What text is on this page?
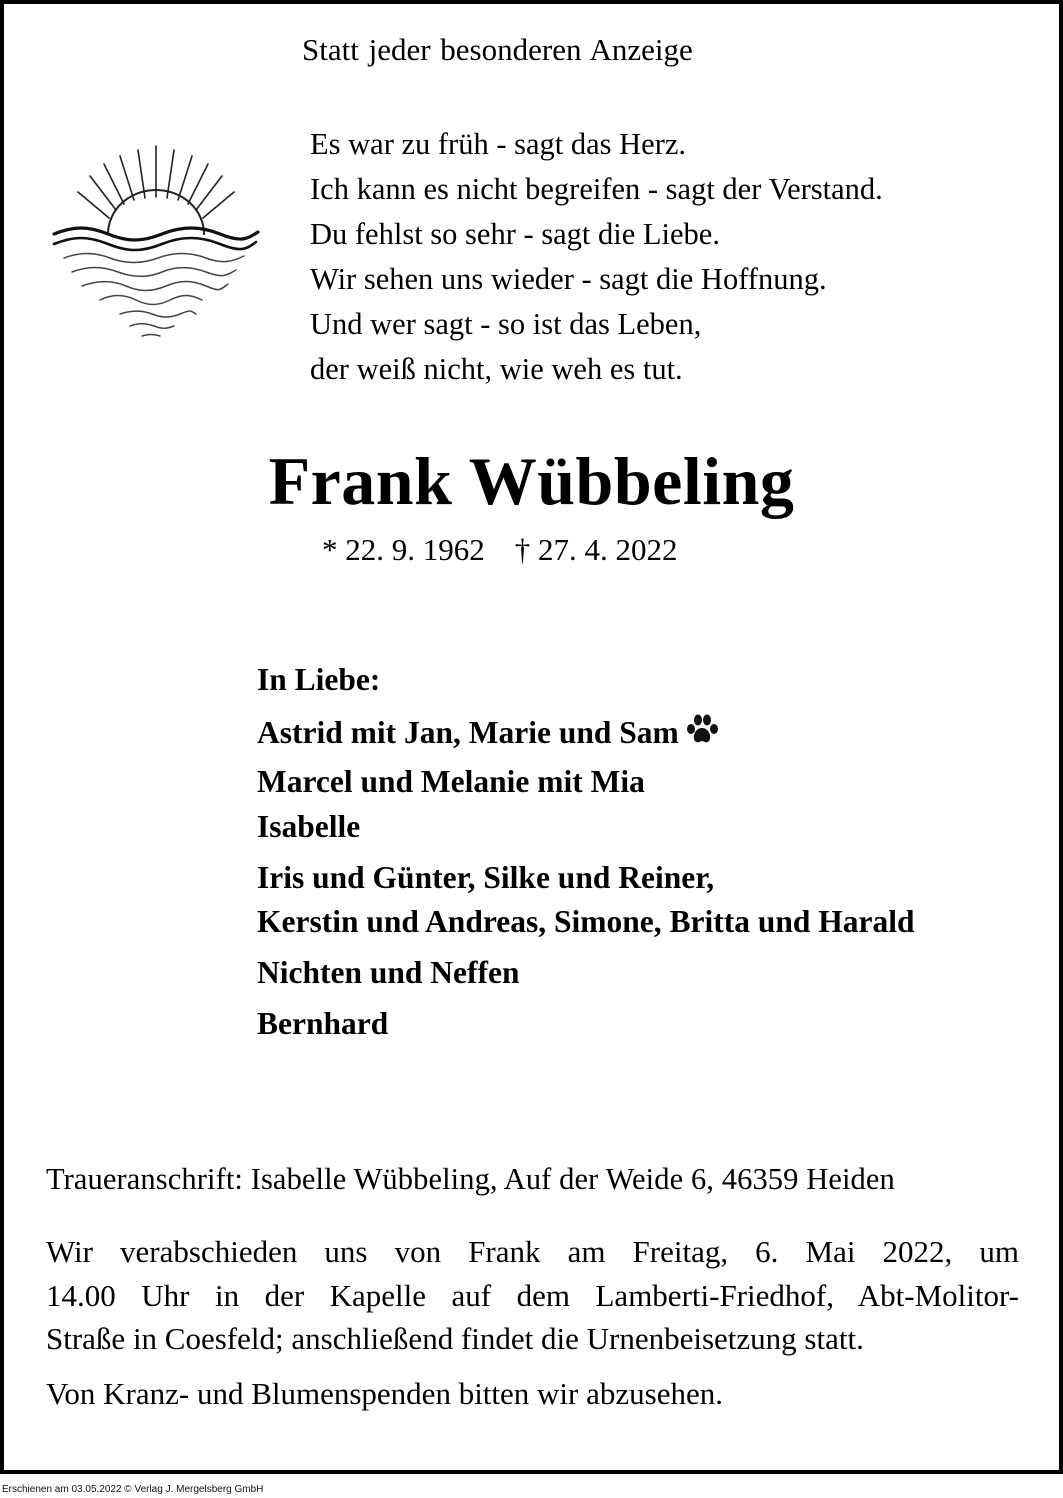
Statt jeder besonderen Anzeige
Es war zu früh - sagt das Herz.
Ich kann es nicht begreifen - sagt der Verstand.
Du fehlst so sehr - sagt die Liebe.
Wir sehen uns wieder - sagt die Hoffnung.
Und wer sagt - so ist das Leben,
der weiß nicht, wie weh es tut.
Frank Wübbeling
* 22. 9. 1962 † 27. 4. 2022
In Liebe:
Astrid mit Jan, Marie und Sam
Marcel und Melanie mit Mia
Isabelle
Iris und Günter, Silke und Reiner,
Kerstin und Andreas, Simone, Britta und Harald
Nichten und Neffen
Bernhard
Traueranschrift: Isabelle Wübbeling, Auf der Weide 6, 46359 Heiden
Wir verabschieden uns von Frank am Freitag, 6. Mai 2022, um
14.00 Uhr in der Kapelle auf dem Lamberti-Friedhof, Abt-Molitor-
Straße in Coesfeld; anschließend findet die Urnenbeisetzung statt.
Von Kranz- und Blumenspenden bitten wir abzusehen.
Erschienen am 03.05.2022 © Verlag J. Mergelsberg GmbH
